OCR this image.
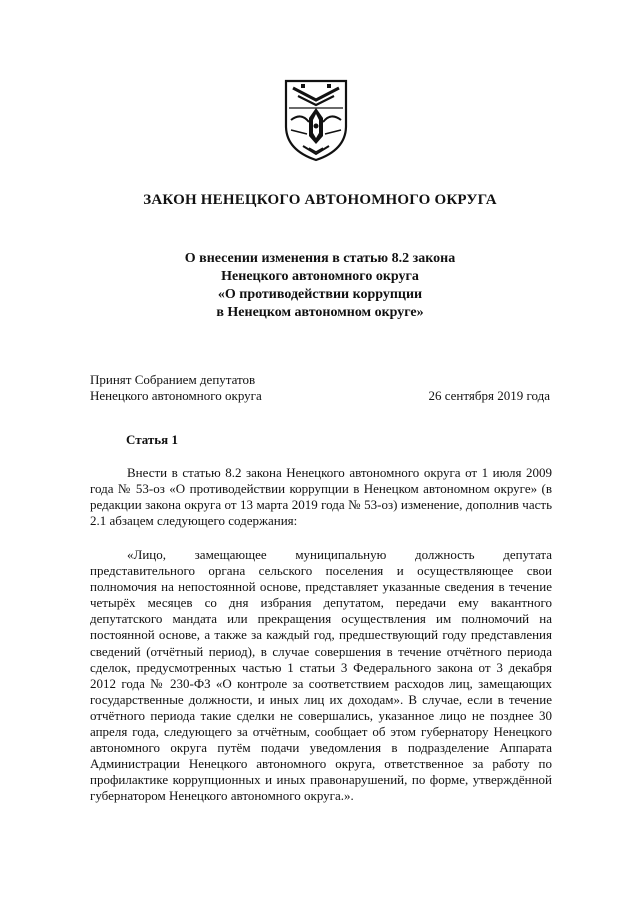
ЗАКОН НЕНЕЦКОГО АВТОНОМНОГО ОКРУГА
О внесении изменения в статью 8.2 закона
Ненецкого автономного округа
«О противодействии коррупции
в Ненецком автономном округе»
Принят Собранием депутатов
Ненецкого автономного округа	26 сентября 2019 года
Статья 1

Внести в статью 8.2 закона Ненецкого автономного округа от 1 июля 2009 года № 53-оз «О противодействии коррупции в Ненецком автономном округе» (в редакции закона округа от 13 марта 2019 года № 53-оз) изменение, дополнив часть 2.1 абзацем следующего содержания:

«Лицо, замещающее муниципальную должность депутата представительного органа сельского поселения и осуществляющее свои полномочия на непостоянной основе, представляет указанные сведения в течение четырёх месяцев со дня избрания депутатом, передачи ему вакантного депутатского мандата или прекращения осуществления им полномочий на постоянной основе, а также за каждый год, предшествующий году представления сведений (отчётный период), в случае совершения в течение отчётного периода сделок, предусмотренных частью 1 статьи 3 Федерального закона от 3 декабря 2012 года № 230-ФЗ «О контроле за соответствием расходов лиц, замещающих государственные должности, и иных лиц их доходам». В случае, если в течение отчётного периода такие сделки не совершались, указанное лицо не позднее 30 апреля года, следующего за отчётным, сообщает об этом губернатору Ненецкого автономного округа путём подачи уведомления в подразделение Аппарата Администрации Ненецкого автономного округа, ответственное за работу по профилактике коррупционных и иных правонарушений, по форме, утверждённой губернатором Ненецкого автономного округа.».
